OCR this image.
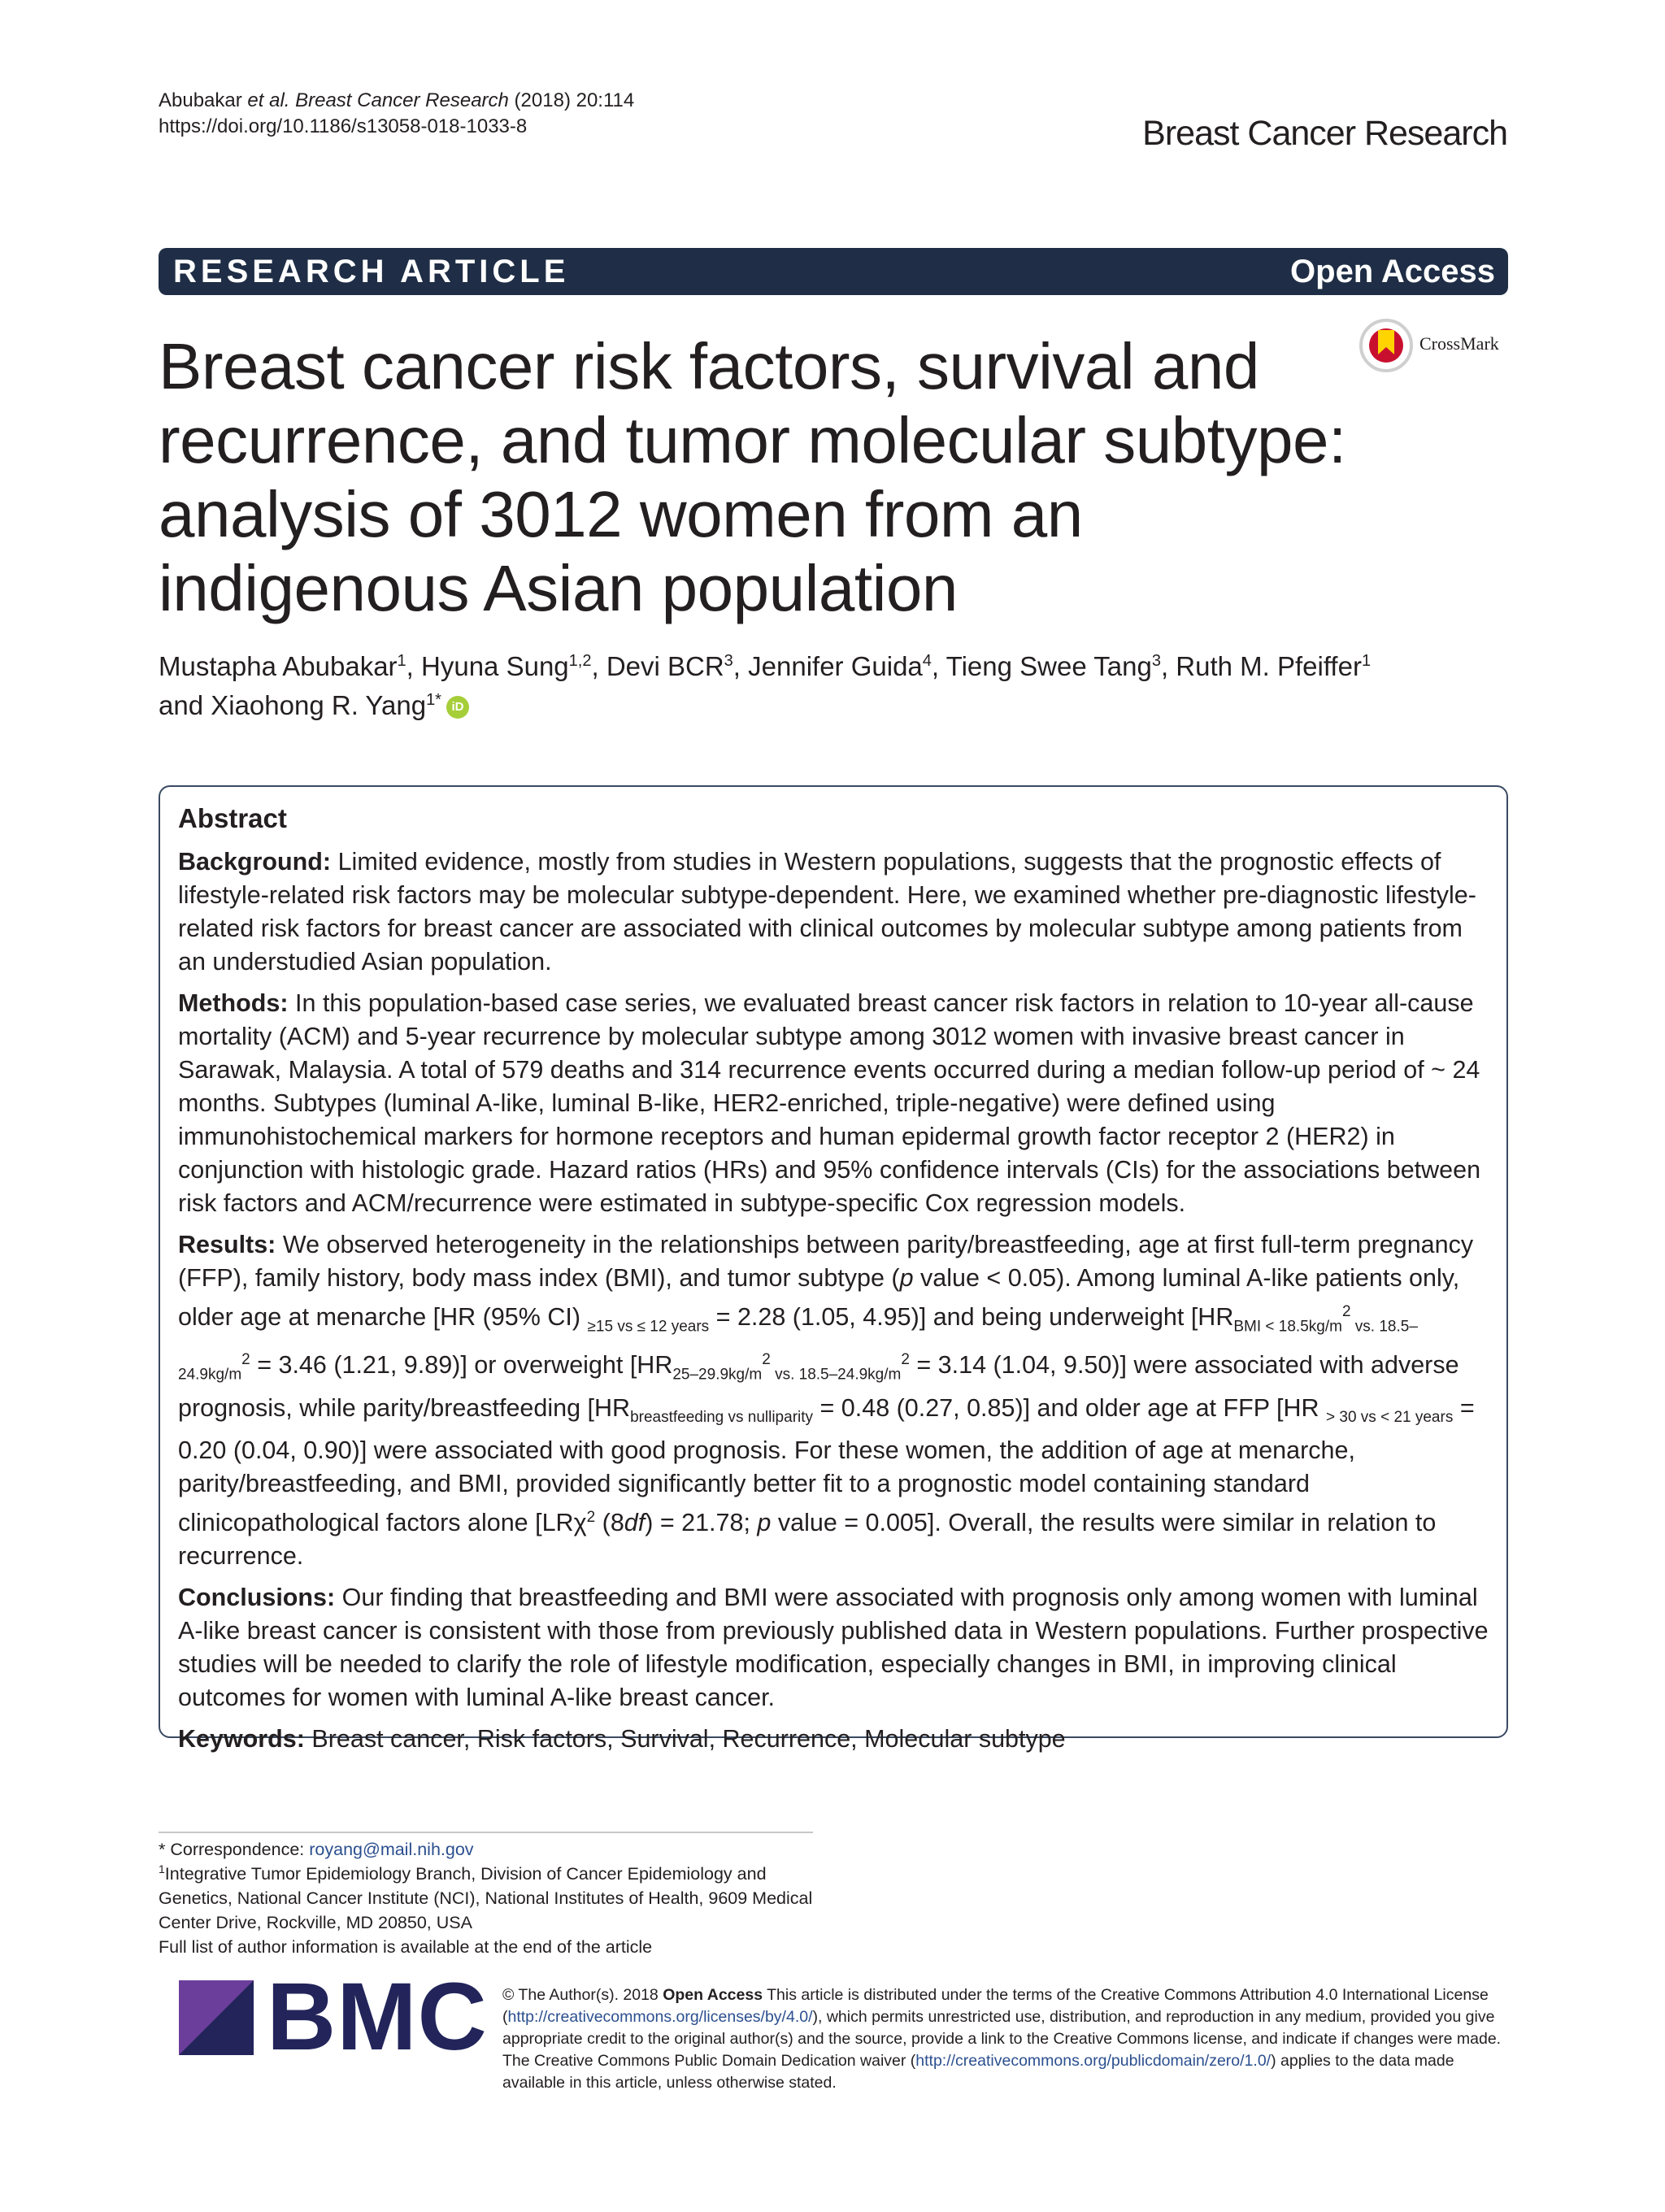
Abubakar et al. Breast Cancer Research (2018) 20:114
https://doi.org/10.1186/s13058-018-1033-8	Breast Cancer Research
RESEARCH ARTICLE	Open Access
CrossMark
Breast cancer risk factors, survival and recurrence, and tumor molecular subtype: analysis of 3012 women from an indigenous Asian population
Mustapha Abubakar$^1$, Hyuna Sung$^{1,2}$, Devi BCR$^3$, Jennifer Guida$^4$, Tieng Swee Tang$^3$, Ruth M. Pfeiffer$^1$
and Xiaohong R. Yang$^{1*}$ iD
Abstract

Background: Limited evidence, mostly from studies in Western populations, suggests that the prognostic effects of lifestyle-related risk factors may be molecular subtype-dependent. Here, we examined whether pre-diagnostic lifestyle-related risk factors for breast cancer are associated with clinical outcomes by molecular subtype among patients from an understudied Asian population.

Methods: In this population-based case series, we evaluated breast cancer risk factors in relation to 10-year all-cause mortality (ACM) and 5-year recurrence by molecular subtype among 3012 women with invasive breast cancer in Sarawak, Malaysia. A total of 579 deaths and 314 recurrence events occurred during a median follow-up period of ~ 24 months. Subtypes (luminal A-like, luminal B-like, HER2-enriched, triple-negative) were defined using immunohistochemical markers for hormone receptors and human epidermal growth factor receptor 2 (HER2) in conjunction with histologic grade. Hazard ratios (HRs) and 95% confidence intervals (CIs) for the associations between risk factors and ACM/recurrence were estimated in subtype-specific Cox regression models.

Results: We observed heterogeneity in the relationships between parity/breastfeeding, age at first full-term pregnancy (FFP), family history, body mass index (BMI), and tumor subtype (p value < 0.05). Among luminal A-like patients only, older age at menarche [HR (95% CI) $_{\ge 15 vs \le 12 years}$ = 2.28 (1.05, 4.95)] and being underweight [$HR_{BMI < 18.5kg/m}^2$ $_{vs. 18.5-24.9kg/m}^2$ = 3.46 (1.21, 9.89)] or overweight [$HR_{25-29.9kg/m}^2$ $_{vs. 18.5-24.9kg/m}^2$ = 3.14 (1.04, 9.50)] were associated with adverse prognosis, while parity/breastfeeding [$HR_{breastfeeding vs nulliparity} = 0.48$ (0.27, 0.85)] and older age at FFP [HR $_{> 30 vs < 21 years}$ = 0.20 (0.04, 0.90)] were associated with good prognosis. For these women, the addition of age at menarche, parity/breastfeeding, and BMI, provided significantly better fit to a prognostic model containing standard clinicopathological factors alone [LRχ$^2$ (8df) = 21.78; p value = 0.005]. Overall, the results were similar in relation to recurrence.

Conclusions: Our finding that breastfeeding and BMI were associated with prognosis only among women with luminal A-like breast cancer is consistent with those from previously published data in Western populations. Further prospective studies will be needed to clarify the role of lifestyle modification, especially changes in BMI, in improving clinical outcomes for women with luminal A-like breast cancer.

Keywords: Breast cancer, Risk factors, Survival, Recurrence, Molecular subtype

* Correspondence: royang@mail.nih.gov
$^1$Integrative Tumor Epidemiology Branch, Division of Cancer Epidemiology and Genetics, National Cancer Institute (NCI), National Institutes of Health, 9609 Medical Center Drive, Rockville, MD 20850, USA
Full list of author information is available at the end of the article
BMC © The Author(s). 2018 Open Access This article is distributed under the terms of the Creative Commons Attribution 4.0 International License (http://creativecommons.org/licenses/by/4.0/), which permits unrestricted use, distribution, and reproduction in any medium, provided you give appropriate credit to the original author(s) and the source, provide a link to the Creative Commons license, and indicate if changes were made. The Creative Commons Public Domain Dedication waiver (http://creativecommons.org/publicdomain/zero/1.0/) applies to the data made available in this article, unless otherwise stated.
